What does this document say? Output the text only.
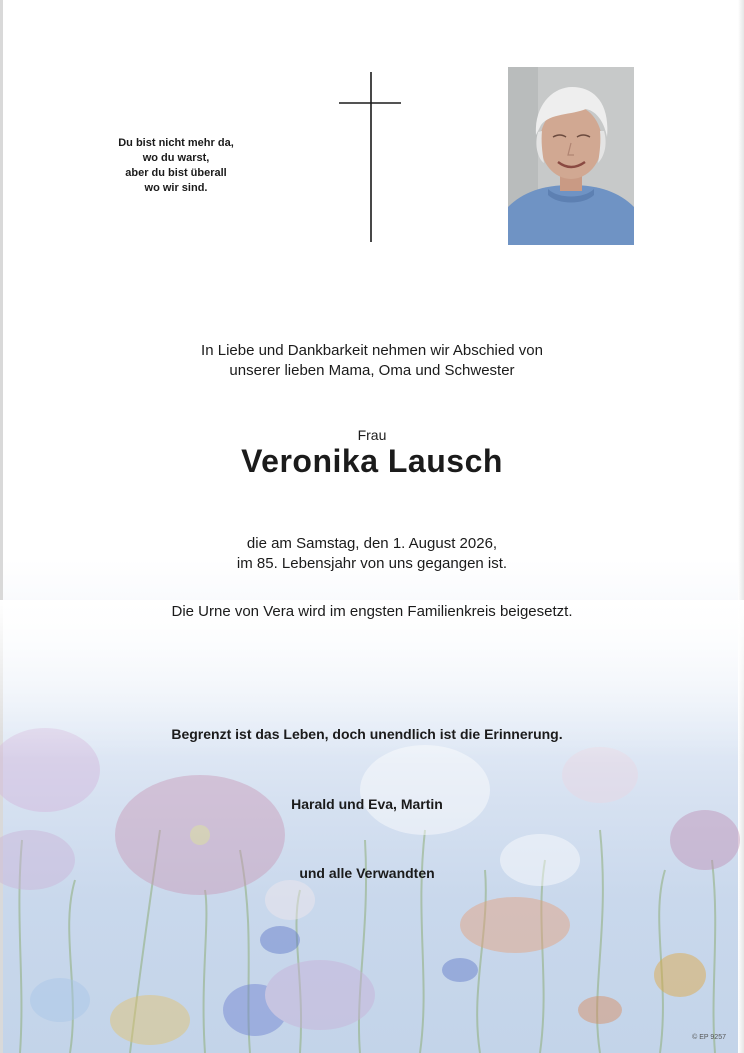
Du bist nicht mehr da,
wo du warst,
aber du bist überall
wo wir sind.
In Liebe und Dankbarkeit nehmen wir Abschied von
unserer lieben Mama, Oma und Schwester
Frau
Veronika Lausch
die am Samstag, den 1. August 2026,
im 85. Lebensjahr von uns gegangen ist.
Die Urne von Vera wird im engsten Familienkreis beigesetzt.
Begrenzt ist das Leben, doch unendlich ist die Erinnerung.
Harald und Eva, Martin
und alle Verwandten
© EP 9257
